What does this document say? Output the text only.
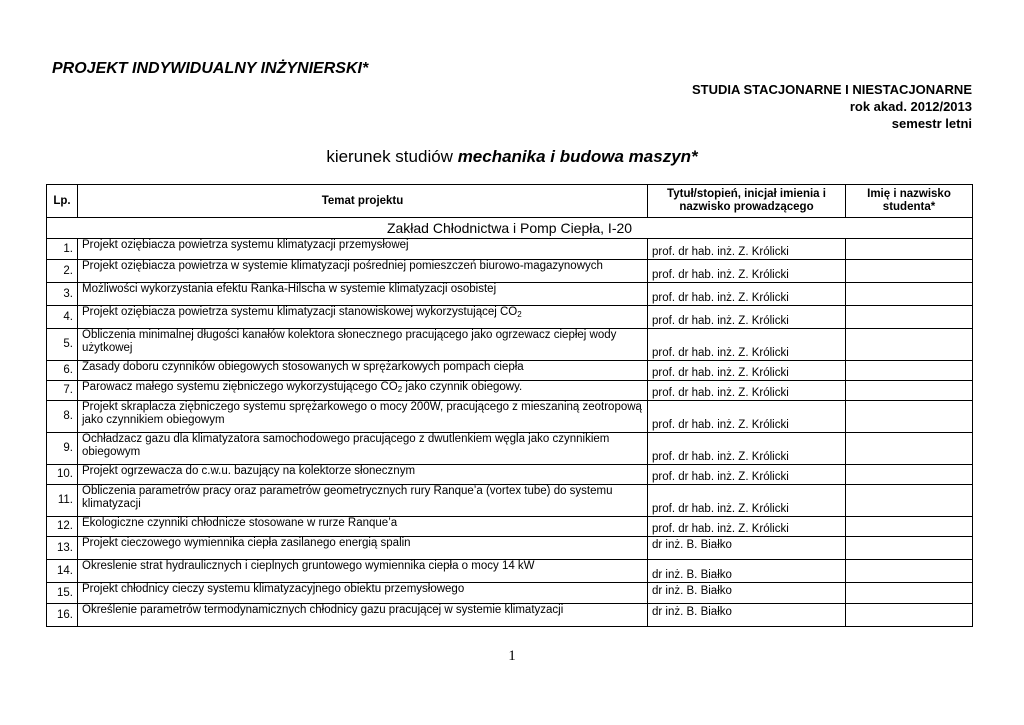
PROJEKT INDYWIDUALNY INŻYNIERSKI*
STUDIA STACJONARNE I NIESTACJONARNE
rok akad. 2012/2013
semestr letni
kierunek studiów mechanika i budowa maszyn*
Lp.	Temat projektu	Tytuł/stopień, inicjał imienia i nazwisko prowadzącego	Imię i nazwisko studenta*
Zakład Chłodnictwa i Pomp Ciepła, I-20			
1.	Projekt oziębiacza powietrza systemu klimatyzacji przemysłowej	prof. dr hab. inż. Z. Królicki	
2.	Projekt oziębiacza powietrza w systemie klimatyzacji pośredniej pomieszczeń biurowo-magazynowych	prof. dr hab. inż. Z. Królicki	
3.	Możliwości wykorzystania efektu Ranka-Hilscha w systemie klimatyzacji osobistej	prof. dr hab. inż. Z. Królicki	
4.	Projekt oziębiacza powietrza systemu klimatyzacji stanowiskowej wykorzystującej $CO_2$	prof. dr hab. inż. Z. Królicki	
5.	Obliczenia minimalnej długości kanałów kolektora słonecznego pracującego jako ogrzewacz ciepłej wody użytkowej	prof. dr hab. inż. Z. Królicki	
6.	Zasady doboru czynników obiegowych stosowanych w sprężarkowych pompach ciepła	prof. dr hab. inż. Z. Królicki	
7.	Parowacz małego systemu ziębniczego wykorzystującego $CO_2$ jako czynnik obiegowy.	prof. dr hab. inż. Z. Królicki	
8.	Projekt skraplacza ziębniczego systemu sprężarkowego o mocy 200W, pracującego z mieszaniną zeotropową jako czynnikiem obiegowym	prof. dr hab. inż. Z. Królicki	
9.	Ochładzacz gazu dla klimatyzatora samochodowego pracującego z dwutlenkiem węgla jako czynnikiem obiegowym	prof. dr hab. inż. Z. Królicki	
10.	Projekt ogrzewacza do c.w.u. bazujący na kolektorze słonecznym	prof. dr hab. inż. Z. Królicki	
11.	Obliczenia parametrów pracy oraz parametrów geometrycznych rury Ranque’a (vortex tube) do systemu klimatyzacji	prof. dr hab. inż. Z. Królicki	
12.	Ekologiczne czynniki chłodnicze stosowane w rurze Ranque’a	prof. dr hab. inż. Z. Królicki	
13.	Projekt cieczowego wymiennika ciepła zasilanego energią spalin	dr inż. B. Białko	
14.	Okreslenie strat hydraulicznych i cieplnych gruntowego wymiennika ciepła o mocy 14 kW	dr inż. B. Białko	
15.	Projekt chłodnicy cieczy systemu klimatyzacyjnego obiektu przemysłowego	dr inż. B. Białko	
16.	Określenie parametrów termodynamicznych chłodnicy gazu pracującej w systemie klimatyzacji	dr inż. B. Białko	
1
